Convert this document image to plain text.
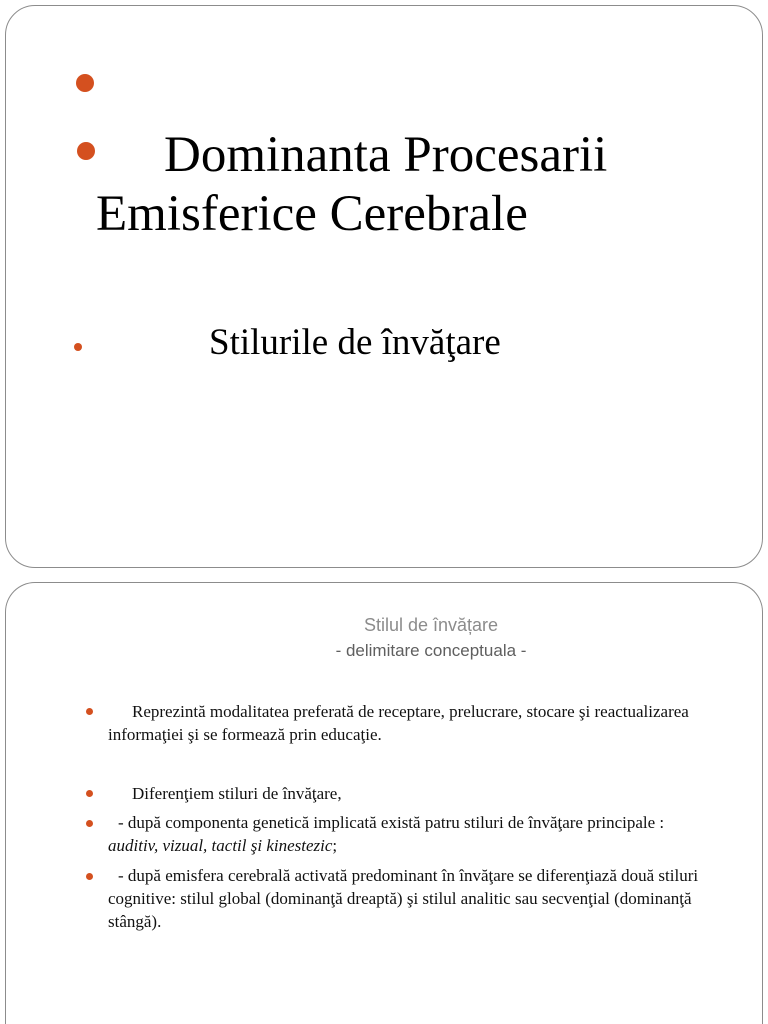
Dominanta Procesarii Emisferice Cerebrale

Stilurile de învăţare

Stilul de învățare

- delimitare conceptuala -

Reprezintă modalitatea preferată de receptare, prelucrare, stocare şi reactualizarea informaţiei şi se formează prin educaţie.

Diferenţiem stiluri de învăţare,

- după componenta genetică implicată există patru stiluri de învăţare principale : auditiv, vizual, tactil şi kinestezic;

- după emisfera cerebrală activată predominant în învăţare se diferenţiază două stiluri cognitive: stilul global (dominanţă dreaptă) şi stilul analitic sau secvenţial (dominanţă stângă).
